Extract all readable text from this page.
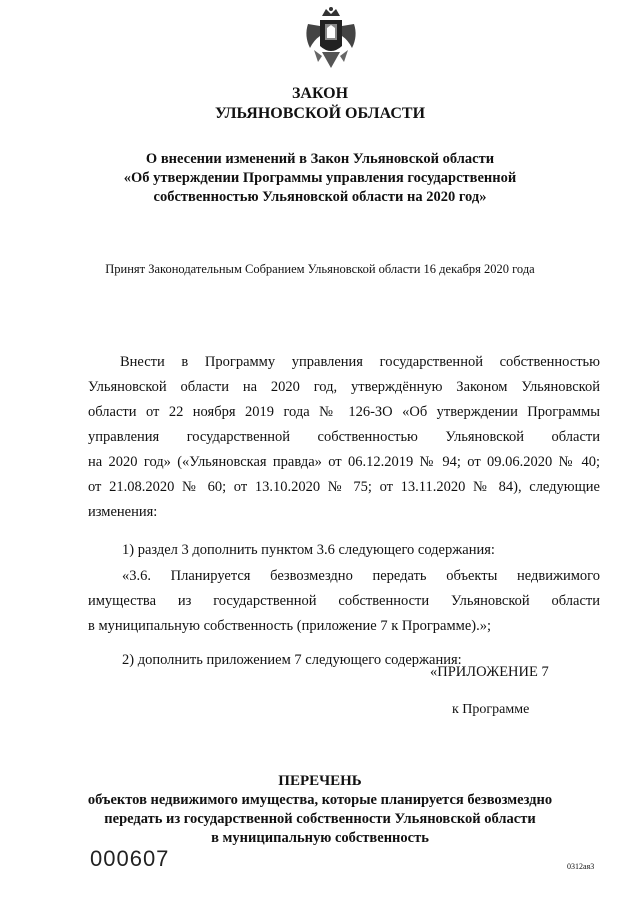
ЗАКОН
УЛЬЯНОВСКОЙ ОБЛАСТИ
О внесении изменений в Закон Ульяновской области
«Об утверждении Программы управления государственной
собственностью Ульяновской области на 2020 год»
Принят Законодательным Собранием Ульяновской области 16 декабря 2020 года
Внести в Программу управления государственной собственностью
Ульяновской области на 2020 год, утверждённую Законом Ульяновской
области от 22 ноября 2019 года № 126-ЗО «Об утверждении Программы
управления государственной собственностью Ульяновской области
на 2020 год» («Ульяновская правда» от 06.12.2019 № 94; от 09.06.2020 № 40;
от 21.08.2020 № 60; от 13.10.2020 № 75; от 13.11.2020 № 84), следующие
изменения:
1) раздел 3 дополнить пунктом 3.6 следующего содержания:
«3.6. Планируется безвозмездно передать объекты недвижимого
имущества из государственной собственности Ульяновской области
в муниципальную собственность (приложение 7 к Программе).»;
2) дополнить приложением 7 следующего содержания:
«ПРИЛОЖЕНИЕ 7
к Программе
ПЕРЕЧЕНЬ
объектов недвижимого имущества, которые планируется безвозмездно
передать из государственной собственности Ульяновской области
в муниципальную собственность
000607	0312ая3
